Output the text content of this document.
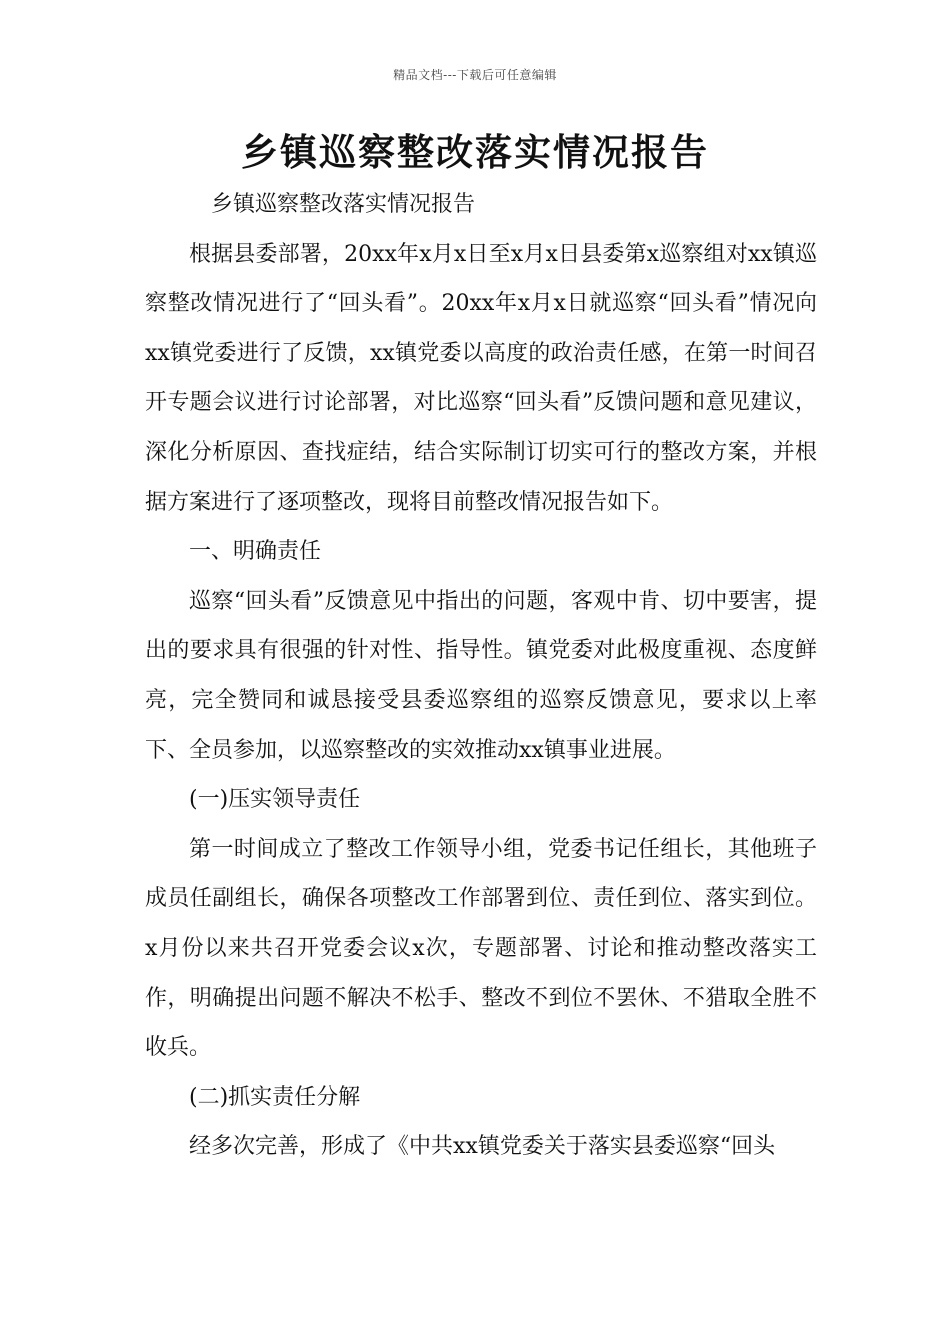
精品文档---下载后可任意编辑
乡镇巡察整改落实情况报告

乡镇巡察整改落实情况报告

根据县委部署，20xx年x月x日至x月x日县委第x巡察组对xx镇巡察整改情况进行了“回头看”。20xx年x月x日就巡察“回头看”情况向xx镇党委进行了反馈，xx镇党委以高度的政治责任感，在第一时间召开专题会议进行讨论部署，对比巡察“回头看”反馈问题和意见建议，深化分析原因、查找症结，结合实际制订切实可行的整改方案，并根据方案进行了逐项整改，现将目前整改情况报告如下。

一、明确责任

巡察“回头看”反馈意见中指出的问题，客观中肯、切中要害，提出的要求具有很强的针对性、指导性。镇党委对此极度重视、态度鲜亮，完全赞同和诚恳接受县委巡察组的巡察反馈意见，要求以上率下、全员参加，以巡察整改的实效推动xx镇事业进展。

(一)压实领导责任

第一时间成立了整改工作领导小组，党委书记任组长，其他班子成员任副组长，确保各项整改工作部署到位、责任到位、落实到位。x月份以来共召开党委会议x次，专题部署、讨论和推动整改落实工作，明确提出问题不解决不松手、整改不到位不罢休、不猎取全胜不收兵。

(二)抓实责任分解

经多次完善，形成了《中共xx镇党委关于落实县委巡察“回头
